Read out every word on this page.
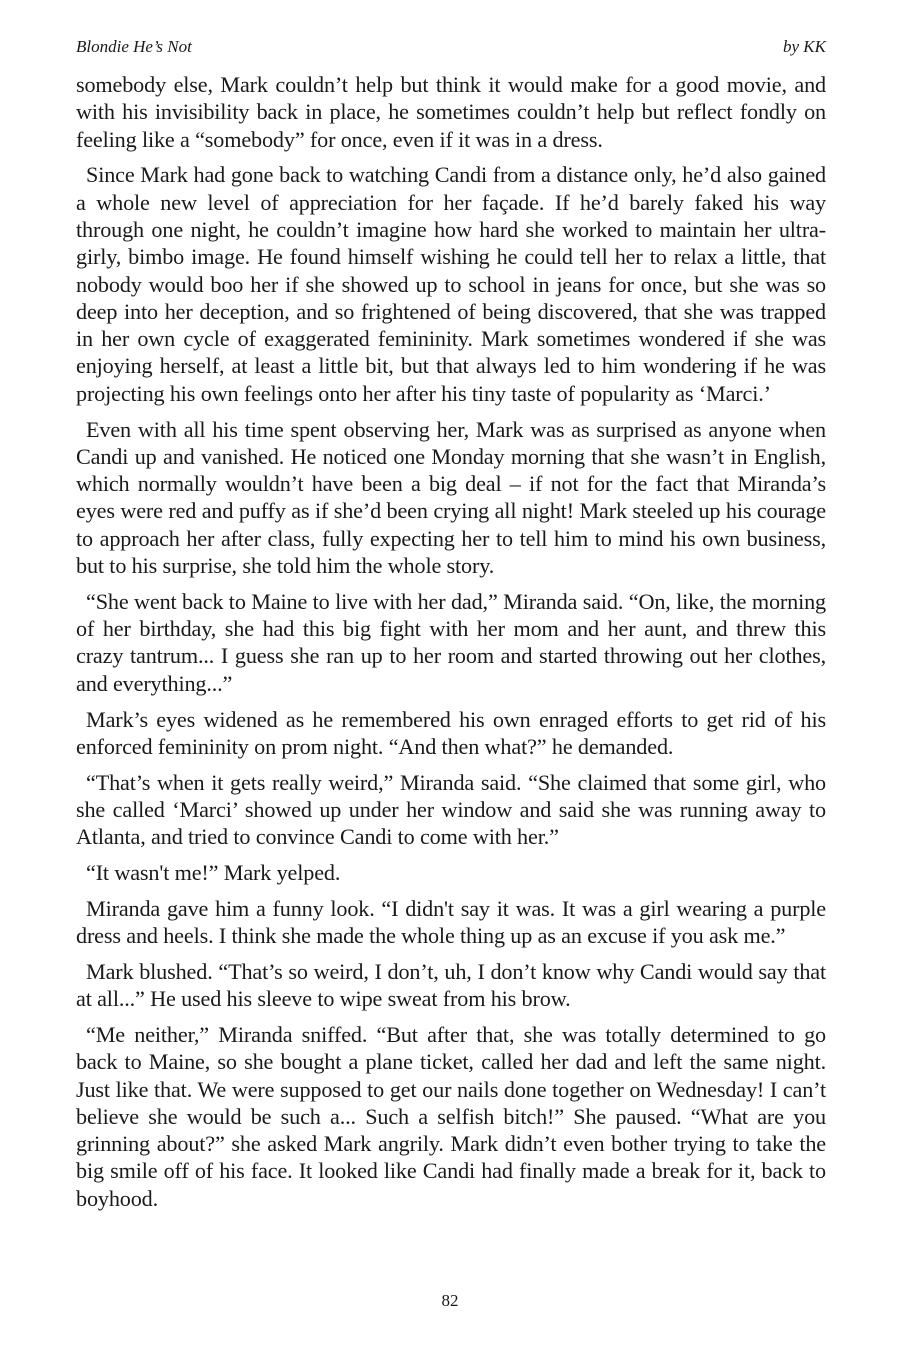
Blondie He’s Not	by KK

somebody else, Mark couldn’t help but think it would make for a good movie, and with his invisibility back in place, he sometimes couldn’t help but reflect fondly on feeling like a “somebody” for once, even if it was in a dress.

Since Mark had gone back to watching Candi from a distance only, he’d also gained a whole new level of appreciation for her façade. If he’d barely faked his way through one night, he couldn’t imagine how hard she worked to maintain her ultra-girly, bimbo image. He found himself wishing he could tell her to relax a little, that nobody would boo her if she showed up to school in jeans for once, but she was so deep into her deception, and so frightened of being discovered, that she was trapped in her own cycle of exaggerated femininity. Mark sometimes wondered if she was enjoying herself, at least a little bit, but that always led to him wondering if he was projecting his own feelings onto her after his tiny taste of popularity as ‘Marci.’

Even with all his time spent observing her, Mark was as surprised as anyone when Candi up and vanished. He noticed one Monday morning that she wasn’t in English, which normally wouldn’t have been a big deal – if not for the fact that Miranda’s eyes were red and puffy as if she’d been crying all night! Mark steeled up his courage to approach her after class, fully expecting her to tell him to mind his own business, but to his surprise, she told him the whole story.

“She went back to Maine to live with her dad,” Miranda said. “On, like, the morning of her birthday, she had this big fight with her mom and her aunt, and threw this crazy tantrum... I guess she ran up to her room and started throwing out her clothes, and everything...”

Mark’s eyes widened as he remembered his own enraged efforts to get rid of his enforced femininity on prom night. “And then what?” he demanded.

“That’s when it gets really weird,” Miranda said. “She claimed that some girl, who she called ‘Marci’ showed up under her window and said she was running away to Atlanta, and tried to convince Candi to come with her.”

“It wasn't me!” Mark yelped.

Miranda gave him a funny look. “I didn't say it was. It was a girl wearing a purple dress and heels. I think she made the whole thing up as an excuse if you ask me.”

Mark blushed. “That’s so weird, I don’t, uh, I don’t know why Candi would say that at all...” He used his sleeve to wipe sweat from his brow.

“Me neither,” Miranda sniffed. “But after that, she was totally determined to go back to Maine, so she bought a plane ticket, called her dad and left the same night. Just like that. We were supposed to get our nails done together on Wednesday! I can’t believe she would be such a... Such a selfish bitch!” She paused. “What are you grinning about?” she asked Mark angrily. Mark didn’t even bother trying to take the big smile off of his face. It looked like Candi had finally made a break for it, back to boyhood.

82
